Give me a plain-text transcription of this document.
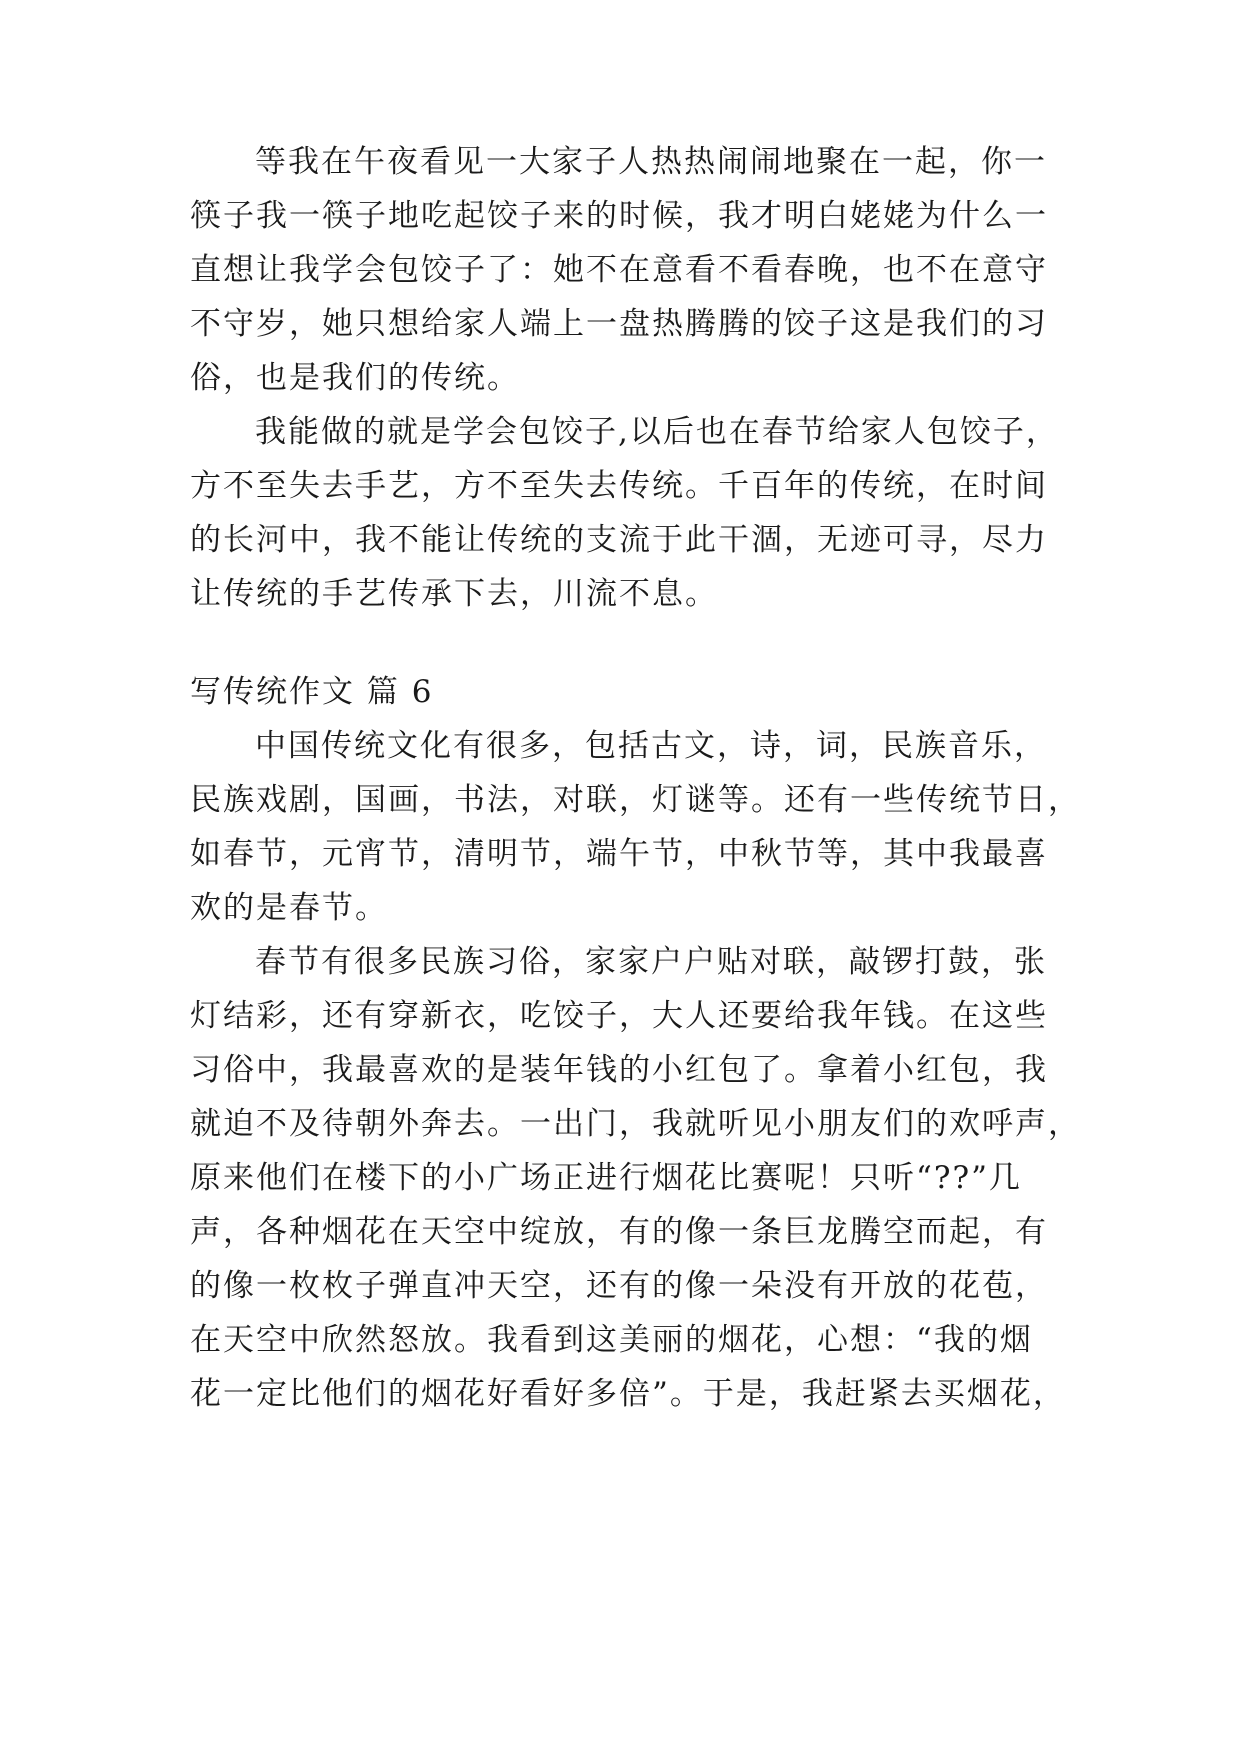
等我在午夜看见一大家子人热热闹闹地聚在一起，你一
筷子我一筷子地吃起饺子来的时候，我才明白姥姥为什么一
直想让我学会包饺子了：她不在意看不看春晚，也不在意守
不守岁，她只想给家人端上一盘热腾腾的饺子这是我们的习
俗，也是我们的传统。
我能做的就是学会包饺子,以后也在春节给家人包饺子，
方不至失去手艺，方不至失去传统。千百年的传统，在时间
的长河中，我不能让传统的支流于此干涸，无迹可寻，尽力
让传统的手艺传承下去，川流不息。
写传统作文 篇 6
中国传统文化有很多，包括古文，诗，词，民族音乐，
民族戏剧，国画，书法，对联，灯谜等。还有一些传统节日，
如春节，元宵节，清明节，端午节，中秋节等，其中我最喜
欢的是春节。
春节有很多民族习俗，家家户户贴对联，敲锣打鼓，张
灯结彩，还有穿新衣，吃饺子，大人还要给我年钱。在这些
习俗中，我最喜欢的是装年钱的小红包了。拿着小红包，我
就迫不及待朝外奔去。一出门，我就听见小朋友们的欢呼声，
原来他们在楼下的小广场正进行烟花比赛呢！只听“??”几
声，各种烟花在天空中绽放，有的像一条巨龙腾空而起，有
的像一枚枚子弹直冲天空，还有的像一朵没有开放的花苞，
在天空中欣然怒放。我看到这美丽的烟花，心想：“我的烟
花一定比他们的烟花好看好多倍”。于是，我赶紧去买烟花，
